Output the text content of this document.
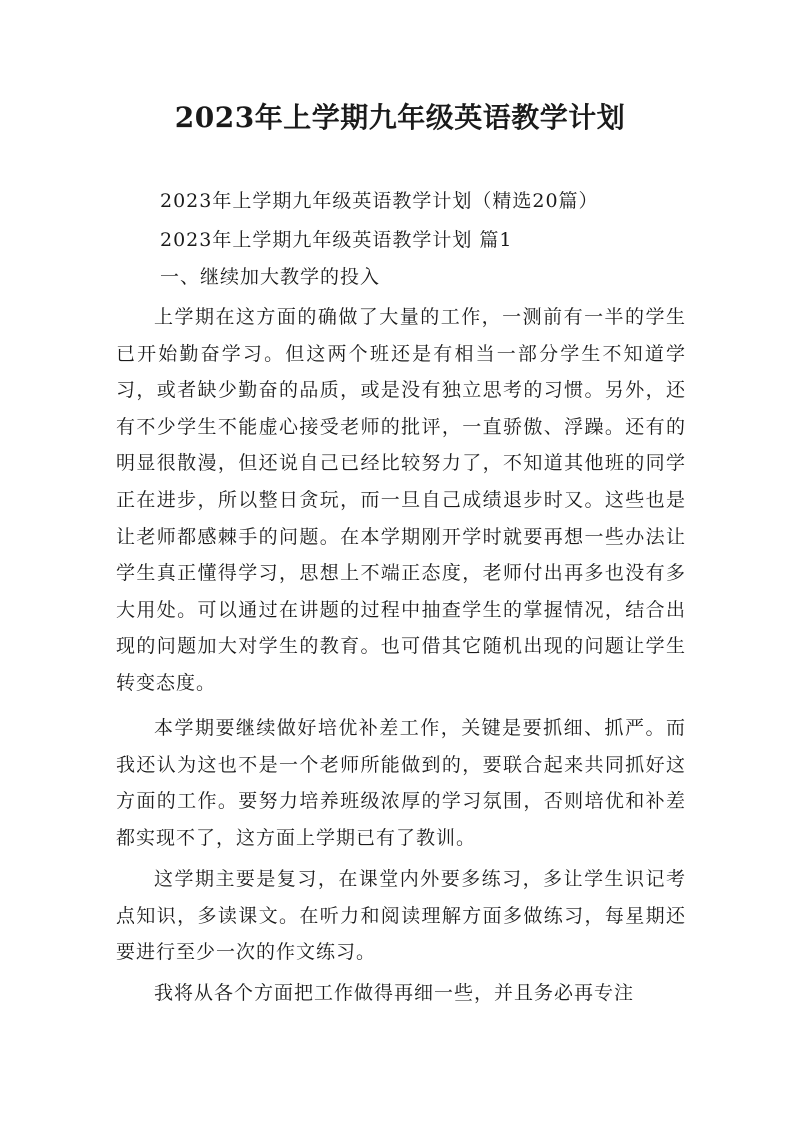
2023年上学期九年级英语教学计划
2023年上学期九年级英语教学计划（精选20篇）
2023年上学期九年级英语教学计划 篇1
一、继续加大教学的投入

上学期在这方面的确做了大量的工作，一测前有一半的学生已开始勤奋学习。但这两个班还是有相当一部分学生不知道学习，或者缺少勤奋的品质，或是没有独立思考的习惯。另外，还有不少学生不能虚心接受老师的批评，一直骄傲、浮躁。还有的明显很散漫，但还说自己已经比较努力了，不知道其他班的同学正在进步，所以整日贪玩，而一旦自己成绩退步时又。这些也是让老师都感棘手的问题。在本学期刚开学时就要再想一些办法让学生真正懂得学习，思想上不端正态度，老师付出再多也没有多大用处。可以通过在讲题的过程中抽查学生的掌握情况，结合出现的问题加大对学生的教育。也可借其它随机出现的问题让学生转变态度。

本学期要继续做好培优补差工作，关键是要抓细、抓严。而我还认为这也不是一个老师所能做到的，要联合起来共同抓好这方面的工作。要努力培养班级浓厚的学习氛围，否则培优和补差都实现不了，这方面上学期已有了教训。

这学期主要是复习，在课堂内外要多练习，多让学生识记考点知识，多读课文。在听力和阅读理解方面多做练习，每星期还要进行至少一次的作文练习。

我将从各个方面把工作做得再细一些，并且务必再专注
